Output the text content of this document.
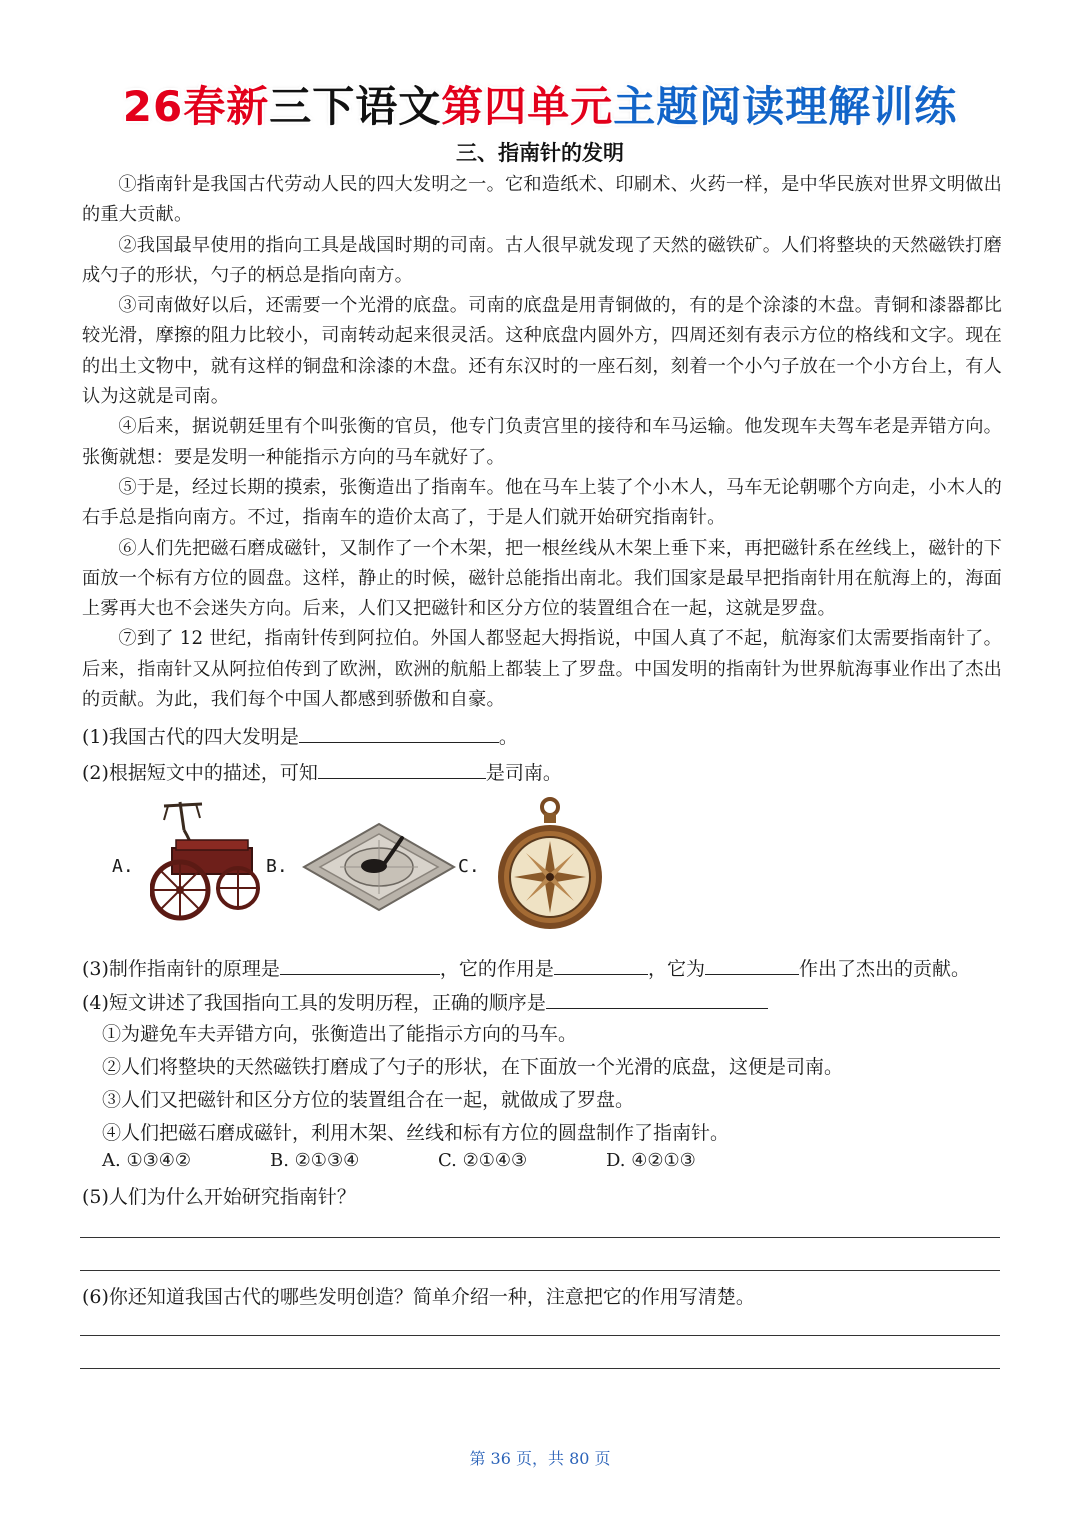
26春新三下语文第四单元主题阅读理解训练
三、指南针的发明

①指南针是我国古代劳动人民的四大发明之一。它和造纸术、印刷术、火药一样，是中华民族对世界文明做出的重大贡献。

②我国最早使用的指向工具是战国时期的司南。古人很早就发现了天然的磁铁矿。人们将整块的天然磁铁打磨成勺子的形状，勺子的柄总是指向南方。

③司南做好以后，还需要一个光滑的底盘。司南的底盘是用青铜做的，有的是个涂漆的木盘。青铜和漆器都比较光滑，摩擦的阻力比较小，司南转动起来很灵活。这种底盘内圆外方，四周还刻有表示方位的格线和文字。现在的出土文物中，就有这样的铜盘和涂漆的木盘。还有东汉时的一座石刻，刻着一个小勺子放在一个小方台上，有人认为这就是司南。

④后来，据说朝廷里有个叫张衡的官员，他专门负责宫里的接待和车马运输。他发现车夫驾车老是弄错方向。张衡就想：要是发明一种能指示方向的马车就好了。

⑤于是，经过长期的摸索，张衡造出了指南车。他在马车上装了个小木人，马车无论朝哪个方向走，小木人的右手总是指向南方。不过，指南车的造价太高了，于是人们就开始研究指南针。

⑥人们先把磁石磨成磁针，又制作了一个木架，把一根丝线从木架上垂下来，再把磁针系在丝线上，磁针的下面放一个标有方位的圆盘。这样，静止的时候，磁针总能指出南北。我们国家是最早把指南针用在航海上的，海面上雾再大也不会迷失方向。后来，人们又把磁针和区分方位的装置组合在一起，这就是罗盘。

⑦到了 12 世纪，指南针传到阿拉伯。外国人都竖起大拇指说，中国人真了不起，航海家们太需要指南针了。后来，指南针又从阿拉伯传到了欧洲，欧洲的航船上都装上了罗盘。中国发明的指南针为世界航海事业作出了杰出的贡献。为此，我们每个中国人都感到骄傲和自豪。

(1)我国古代的四大发明是	。
(2)根据短文中的描述，可知	是司南。
A.	B.	C.
(3)制作指南针的原理是	，它的作用是	，它为	作出了杰出的贡献。
(4)短文讲述了我国指向工具的发明历程，正确的顺序是
①为避免车夫弄错方向，张衡造出了能指示方向的马车。
②人们将整块的天然磁铁打磨成了勺子的形状，在下面放一个光滑的底盘，这便是司南。
③人们又把磁针和区分方位的装置组合在一起，就做成了罗盘。
④人们把磁石磨成磁针，利用木架、丝线和标有方位的圆盘制作了指南针。
A. ①③④②	B. ②①③④	C. ②①④③	D. ④②①③
(5)人们为什么开始研究指南针？
(6)你还知道我国古代的哪些发明创造？简单介绍一种，注意把它的作用写清楚。
第 36 页，共 80 页
